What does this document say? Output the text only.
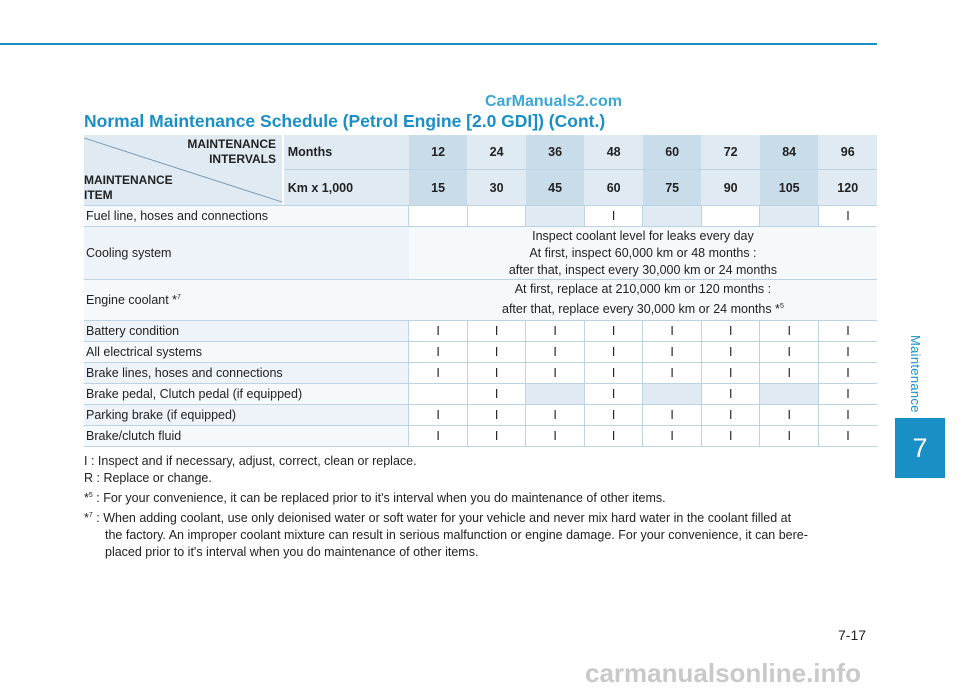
CarManuals2.com
Normal Maintenance Schedule (Petrol Engine [2.0 GDI]) (Cont.)
Maintenance
7
MAINTENANCE
INTERVALS
MAINTENANCE
ITEM	Months	12	24	36	48	60	72	84	96
	Km x 1,000	15	30	45	60	75	90	105	120
Fuel line, hoses and connections					I				I
Cooling system		Inspect coolant level for leaks every day
At first, inspect 60,000 km or 48 months :
after that, inspect every 30,000 km or 24 months							
Engine coolant *$^7$		At first, replace at 210,000 km or 120 months :
after that, replace every 30,000 km or 24 months *$^5$
Battery condition		I	I	I	I	I	I	I	I
All electrical systems		I	I	I	I	I	I	I	I
Brake lines, hoses and connections		I	I	I	I	I	I	I	I
Brake pedal, Clutch pedal (if equipped)			I		I		I		I
Parking brake (if equipped)		I	I	I	I	I	I	I	I
Brake/clutch fluid		I	I	I	I	I	I	I	I

I : Inspect and if necessary, adjust, correct, clean or replace.

R : Replace or change.

*$^5$ : For your convenience, it can be replaced prior to it's interval when you do maintenance of other items.

*$^7$ : When adding coolant, use only deionised water or soft water for your vehicle and never mix hard water in the coolant filled at

the factory. An improper coolant mixture can result in serious malfunction or engine damage. For your convenience, it can bere-

placed prior to it's interval when you do maintenance of other items.

7-17
carmanualsonline.info
